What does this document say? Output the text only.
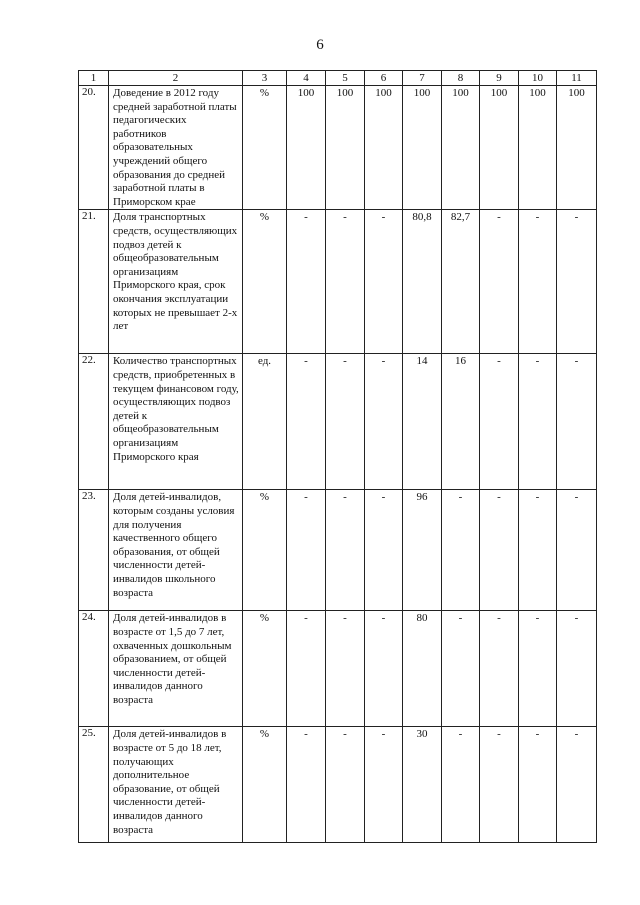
6
1	2	3	4	5	6	7	8	9	10	11
20.	Доведение в 2012 году средней заработной платы педагогических работников образовательных учреждений общего образования до средней заработной платы в Приморском крае	%	100	100	100	100	100	100	100	100
21.	Доля транспортных средств, осуществляющих подвоз детей к общеобразовательным организациям Приморского края, срок окончания эксплуатации которых не превышает 2-х лет	%	-	-	-	80,8	82,7	-	-	-
22.	Количество транспортных средств, приобретенных в текущем финансовом году, осуществляющих подвоз детей к общеобразовательным организациям Приморского края	ед.	-	-	-	14	16	-	-	-
23.	Доля детей-инвалидов, которым созданы условия для получения качественного общего образования, от общей численности детей-инвалидов школьного возраста	%	-	-	-	96	-	-	-	-
24.	Доля детей-инвалидов в возрасте от 1,5 до 7 лет, охваченных дошкольным образованием, от общей численности детей-инвалидов данного возраста	%	-	-	-	80	-	-	-	-
25.	Доля детей-инвалидов в возрасте от 5 до 18 лет, получающих дополнительное образование, от общей численности детей-инвалидов данного возраста	%	-	-	-	30	-	-	-	-
